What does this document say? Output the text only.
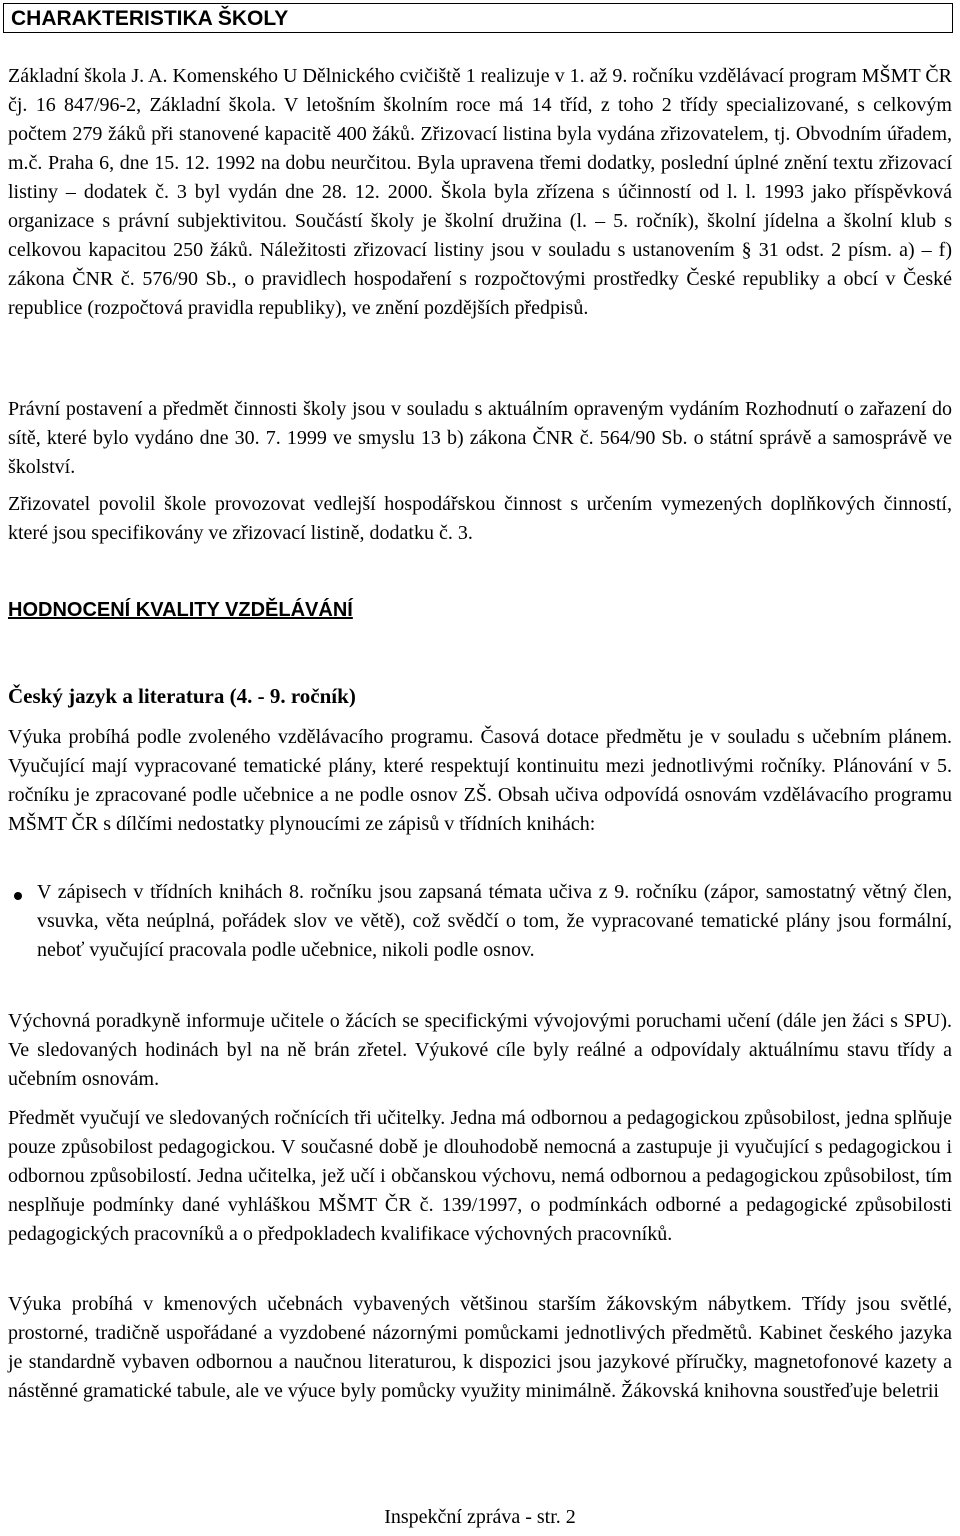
CHARAKTERISTIKA ŠKOLY

Základní škola J. A. Komenského U Dělnického cvičiště 1 realizuje v 1. až 9. ročníku vzdělávací program MŠMT ČR čj. 16 847/96-2, Základní škola. V letošním školním roce má 14 tříd, z toho 2 třídy specializované, s celkovým počtem 279 žáků při stanovené kapacitě 400 žáků. Zřizovací listina byla vydána zřizovatelem, tj. Obvodním úřadem, m.č. Praha 6, dne 15. 12. 1992 na dobu neurčitou. Byla upravena třemi dodatky, poslední úplné znění textu zřizovací listiny – dodatek č. 3 byl vydán dne 28. 12. 2000. Škola byla zřízena s účinností od l. l. 1993 jako příspěvková organizace s právní subjektivitou. Součástí školy je školní družina (l. – 5. ročník), školní jídelna a školní klub s celkovou kapacitou 250 žáků. Náležitosti zřizovací listiny jsou v souladu s ustanovením § 31 odst. 2 písm. a) – f) zákona ČNR č. 576/90 Sb., o pravidlech hospodaření s rozpočtovými prostředky České republiky a obcí v České republice (rozpočtová pravidla republiky), ve znění pozdějších předpisů.

Právní postavení a předmět činnosti školy jsou v souladu s aktuálním opraveným vydáním Rozhodnutí o zařazení do sítě, které bylo vydáno dne 30. 7. 1999 ve smyslu 13 b) zákona ČNR č. 564/90 Sb. o státní správě a samosprávě ve školství.

Zřizovatel povolil škole provozovat vedlejší hospodářskou činnost s určením vymezených doplňkových činností, které jsou specifikovány ve zřizovací listině, dodatku č. 3.

HODNOCENÍ KVALITY VZDĚLÁVÁNÍ
Český jazyk a literatura (4. - 9. ročník)

Výuka probíhá podle zvoleného vzdělávacího programu. Časová dotace předmětu je v souladu s učebním plánem. Vyučující mají vypracované tematické plány, které respektují kontinuitu mezi jednotlivými ročníky. Plánování v 5. ročníku je zpracované podle učebnice a ne podle osnov ZŠ. Obsah učiva odpovídá osnovám vzdělávacího programu MŠMT ČR s dílčími nedostatky plynoucími ze zápisů v třídních knihách:

V zápisech v třídních knihách 8. ročníku jsou zapsaná témata učiva z 9. ročníku (zápor, samostatný větný člen, vsuvka, věta neúplná, pořádek slov ve větě), což svědčí o tom, že vypracované tematické plány jsou formální, neboť vyučující pracovala podle učebnice, nikoli podle osnov.

Výchovná poradkyně informuje učitele o žácích se specifickými vývojovými poruchami učení (dále jen žáci s SPU). Ve sledovaných hodinách byl na ně brán zřetel. Výukové cíle byly reálné a odpovídaly aktuálnímu stavu třídy a učebním osnovám.

Předmět vyučují ve sledovaných ročnících tři učitelky. Jedna má odbornou a pedagogickou způsobilost, jedna splňuje pouze způsobilost pedagogickou. V současné době je dlouhodobě nemocná a zastupuje ji vyučující s pedagogickou i odbornou způsobilostí. Jedna učitelka, jež učí i občanskou výchovu, nemá odbornou a pedagogickou způsobilost, tím nesplňuje podmínky dané vyhláškou MŠMT ČR č. 139/1997, o podmínkách odborné a pedagogické způsobilosti pedagogických pracovníků a o předpokladech kvalifikace výchovných pracovníků.

Výuka probíhá v kmenových učebnách vybavených většinou starším žákovským nábytkem. Třídy jsou světlé, prostorné, tradičně uspořádané a vyzdobené názornými pomůckami jednotlivých předmětů. Kabinet českého jazyka je standardně vybaven odbornou a naučnou literaturou, k dispozici jsou jazykové příručky, magnetofonové kazety a nástěnné gramatické tabule, ale ve výuce byly pomůcky využity minimálně. Žákovská knihovna soustřeďuje beletrii

Inspekční zpráva - str. 2
